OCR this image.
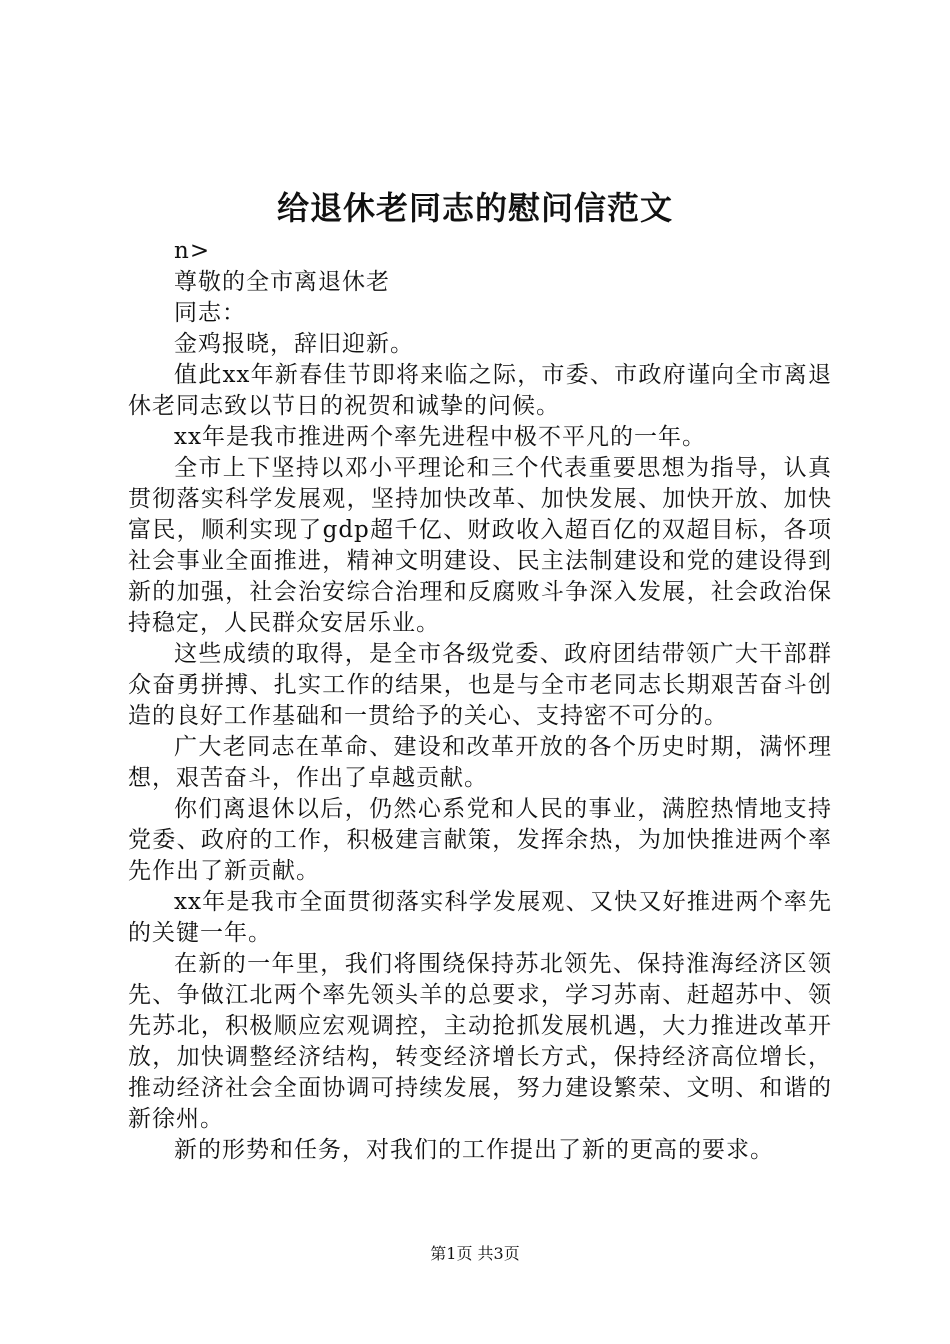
给退休老同志的慰问信范文

n>

尊敬的全市离退休老

同志：

金鸡报晓，辞旧迎新。

值此xx年新春佳节即将来临之际，市委、市政府谨向全市离退休老同志致以节日的祝贺和诚挚的问候。

xx年是我市推进两个率先进程中极不平凡的一年。

全市上下坚持以邓小平理论和三个代表重要思想为指导，认真贯彻落实科学发展观，坚持加快改革、加快发展、加快开放、加快富民，顺利实现了gdp超千亿、财政收入超百亿的双超目标，各项社会事业全面推进，精神文明建设、民主法制建设和党的建设得到新的加强，社会治安综合治理和反腐败斗争深入发展，社会政治保持稳定，人民群众安居乐业。

这些成绩的取得，是全市各级党委、政府团结带领广大干部群众奋勇拼搏、扎实工作的结果，也是与全市老同志长期艰苦奋斗创造的良好工作基础和一贯给予的关心、支持密不可分的。

广大老同志在革命、建设和改革开放的各个历史时期，满怀理想，艰苦奋斗，作出了卓越贡献。

你们离退休以后，仍然心系党和人民的事业，满腔热情地支持党委、政府的工作，积极建言献策，发挥余热，为加快推进两个率先作出了新贡献。

xx年是我市全面贯彻落实科学发展观、又快又好推进两个率先的关键一年。

在新的一年里，我们将围绕保持苏北领先、保持淮海经济区领先、争做江北两个率先领头羊的总要求，学习苏南、赶超苏中、领先苏北，积极顺应宏观调控，主动抢抓发展机遇，大力推进改革开放，加快调整经济结构，转变经济增长方式，保持经济高位增长，推动经济社会全面协调可持续发展，努力建设繁荣、文明、和谐的新徐州。

新的形势和任务，对我们的工作提出了新的更高的要求。

第1页 共3页
